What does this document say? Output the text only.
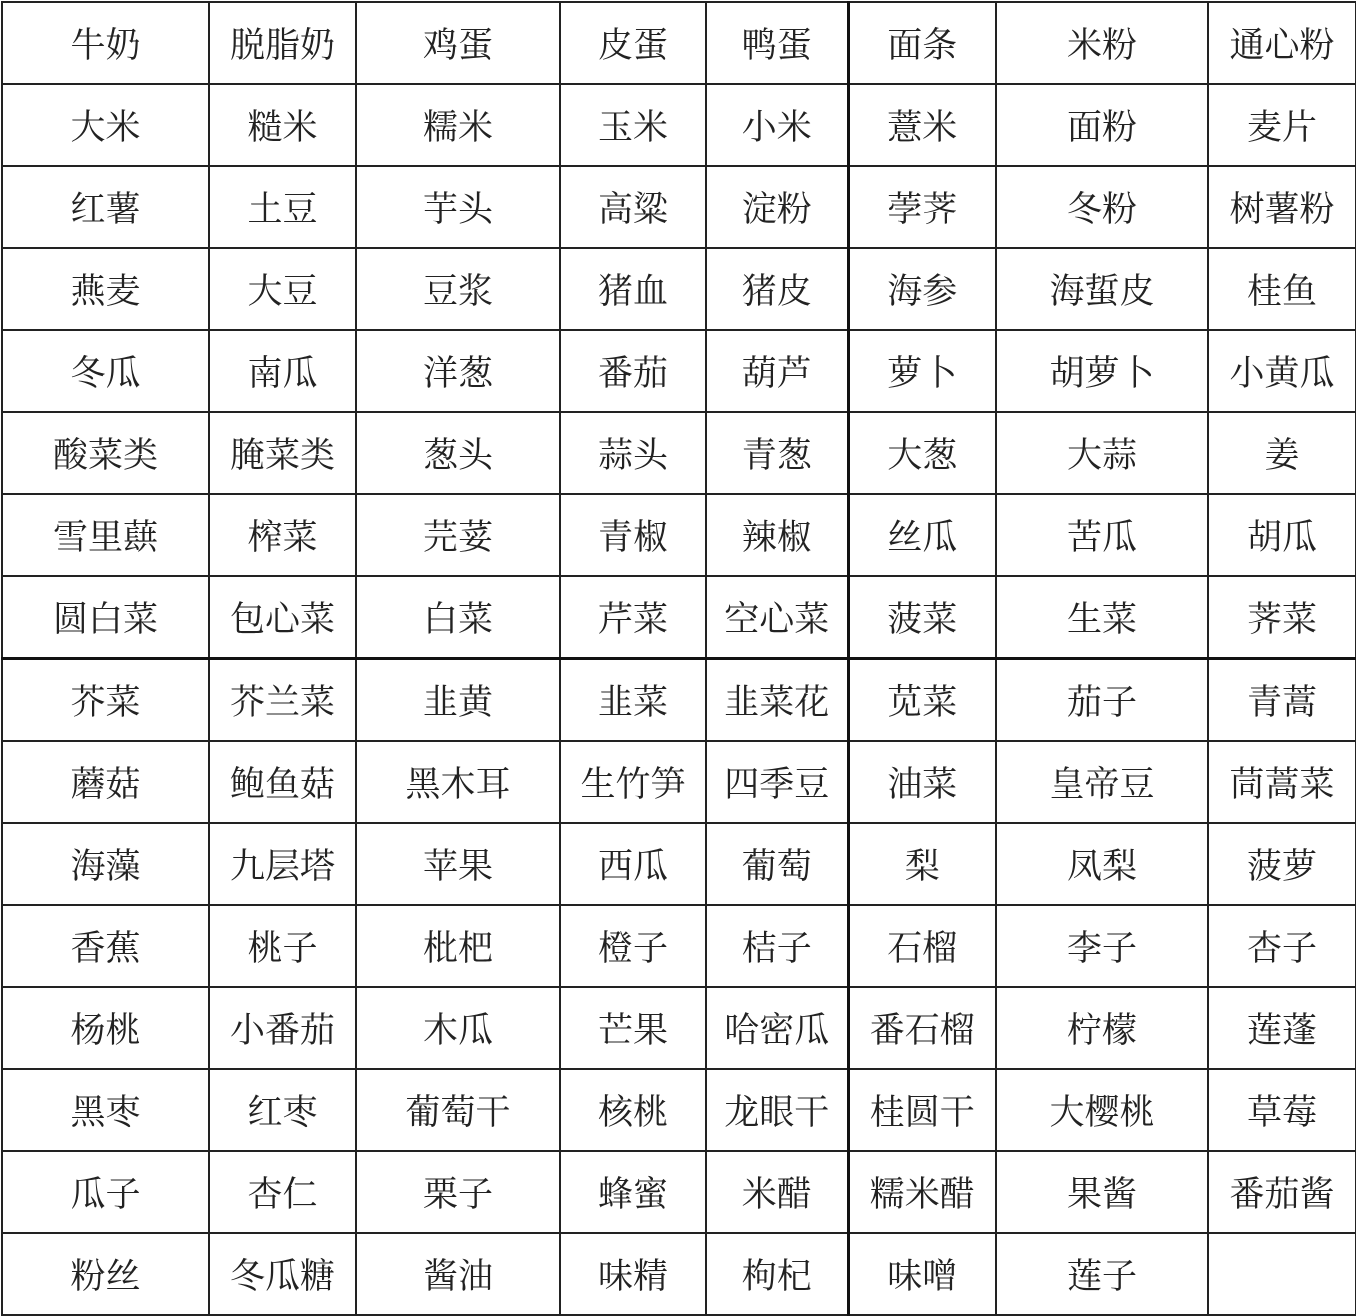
牛奶	脱脂奶	鸡蛋	皮蛋	鸭蛋	面条	米粉	通心粉
大米	糙米	糯米	玉米	小米	薏米	面粉	麦片
红薯	土豆	芋头	高粱	淀粉	荸荠	冬粉	树薯粉
燕麦	大豆	豆浆	猪血	猪皮	海参	海蜇皮	桂鱼
冬瓜	南瓜	洋葱	番茄	葫芦	萝卜	胡萝卜	小黄瓜
酸菜类	腌菜类	葱头	蒜头	青葱	大葱	大蒜	姜
雪里蕻	榨菜	芫荽	青椒	辣椒	丝瓜	苦瓜	胡瓜
圆白菜	包心菜	白菜	芹菜	空心菜	菠菜	生菜	荠菜
芥菜	芥兰菜	韭黄	韭菜	韭菜花	苋菜	茄子	青蒿
蘑菇	鲍鱼菇	黑木耳	生竹笋	四季豆	油菜	皇帝豆	茼蒿菜
海藻	九层塔	苹果	西瓜	葡萄	梨	凤梨	菠萝
香蕉	桃子	枇杷	橙子	桔子	石榴	李子	杏子
杨桃	小番茄	木瓜	芒果	哈密瓜	番石榴	柠檬	莲蓬
黑枣	红枣	葡萄干	核桃	龙眼干	桂圆干	大樱桃	草莓
瓜子	杏仁	栗子	蜂蜜	米醋	糯米醋	果酱	番茄酱
粉丝	冬瓜糖	酱油	味精	枸杞	味噌	莲子	
